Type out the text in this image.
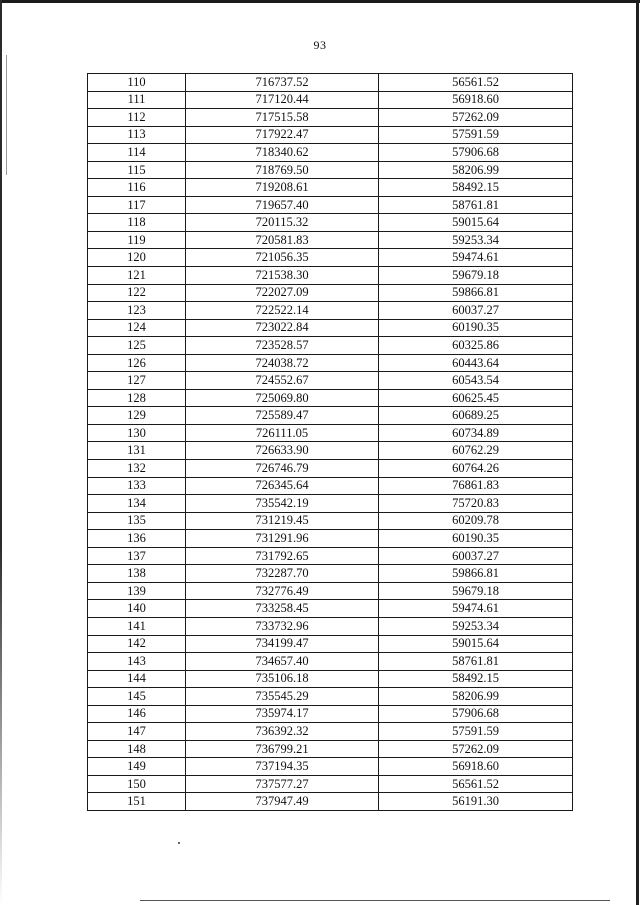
93
110	716737.52	56561.52
111	717120.44	56918.60
112	717515.58	57262.09
113	717922.47	57591.59
114	718340.62	57906.68
115	718769.50	58206.99
116	719208.61	58492.15
117	719657.40	58761.81
118	720115.32	59015.64
119	720581.83	59253.34
120	721056.35	59474.61
121	721538.30	59679.18
122	722027.09	59866.81
123	722522.14	60037.27
124	723022.84	60190.35
125	723528.57	60325.86
126	724038.72	60443.64
127	724552.67	60543.54
128	725069.80	60625.45
129	725589.47	60689.25
130	726111.05	60734.89
131	726633.90	60762.29
132	726746.79	60764.26
133	726345.64	76861.83
134	735542.19	75720.83
135	731219.45	60209.78
136	731291.96	60190.35
137	731792.65	60037.27
138	732287.70	59866.81
139	732776.49	59679.18
140	733258.45	59474.61
141	733732.96	59253.34
142	734199.47	59015.64
143	734657.40	58761.81
144	735106.18	58492.15
145	735545.29	58206.99
146	735974.17	57906.68
147	736392.32	57591.59
148	736799.21	57262.09
149	737194.35	56918.60
150	737577.27	56561.52
151	737947.49	56191.30
